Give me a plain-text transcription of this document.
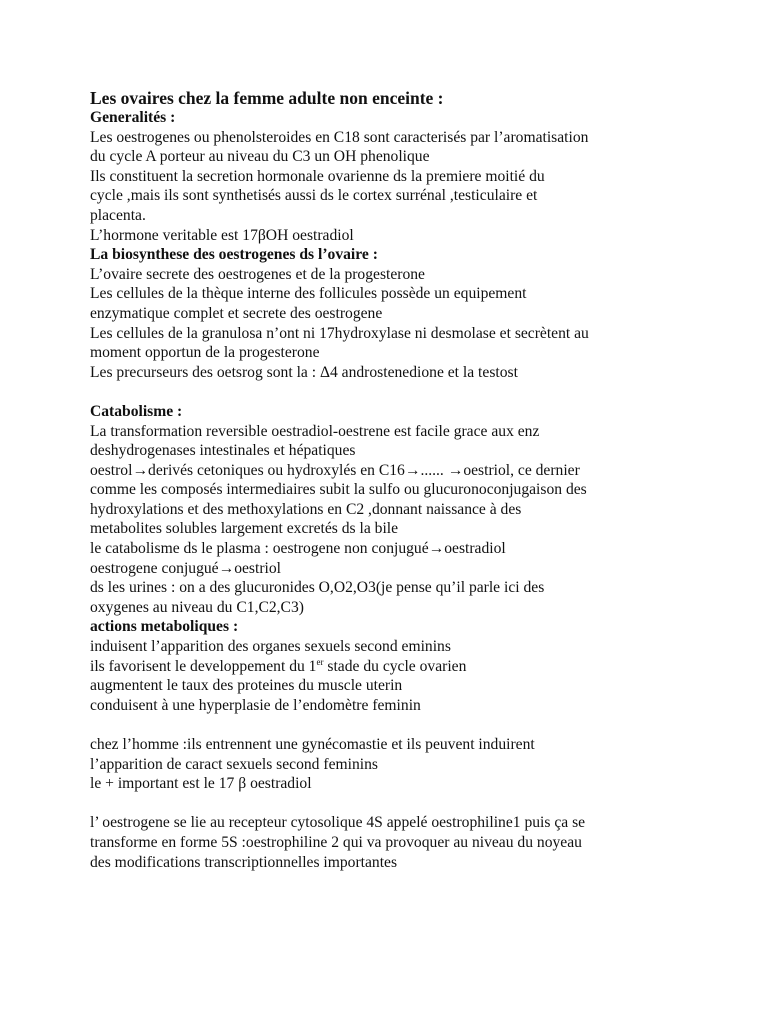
Les ovaires chez la femme adulte non enceinte :
Generalités :
Les oestrogenes ou phenolsteroides en C18 sont caracterisés par l’aromatisation
du cycle A porteur au niveau du C3 un OH phenolique
Ils constituent la secretion hormonale ovarienne ds la premiere moitié du
cycle ,mais ils sont synthetisés aussi ds le cortex surrénal ,testiculaire et
placenta.
L’hormone veritable est 17βOH oestradiol
La biosynthese des oestrogenes ds l’ovaire :
L’ovaire secrete des oestrogenes et de la progesterone
Les cellules de la thèque interne des follicules possède un equipement
enzymatique complet et secrete des oestrogene
Les cellules de la granulosa n’ont ni 17hydroxylase ni desmolase et secrètent au
moment opportun de la progesterone
Les precurseurs des oetsrog sont la : Δ4 androstenedione et la testost
Catabolisme :
La transformation reversible oestradiol-oestrene est facile grace aux enz
deshydrogenases intestinales et hépatiques
oestrol→derivés cetoniques ou hydroxylés en C16→...... →oestriol, ce dernier
comme les composés intermediaires subit la sulfo ou glucuronoconjugaison des
hydroxylations et des methoxylations en C2 ,donnant naissance à des
metabolites solubles largement excretés ds la bile
le catabolisme ds le plasma : oestrogene non conjugué→oestradiol
oestrogene conjugué→oestriol
ds les urines : on a des glucuronides O,O2,O3(je pense qu’il parle ici des
oxygenes au niveau du C1,C2,C3)
actions metaboliques :
induisent l’apparition des organes sexuels second eminins
ils favorisent le developpement du 1er stade du cycle ovarien
augmentent le taux des proteines du muscle uterin
conduisent à une hyperplasie de l’endomètre feminin
chez l’homme :ils entrennent une gynécomastie et ils peuvent induirent
l’apparition de caract sexuels second feminins
le + important est le 17 β oestradiol
l’ oestrogene se lie au recepteur cytosolique 4S appelé oestrophiline1 puis ça se
transforme en forme 5S :oestrophiline 2 qui va provoquer au niveau du noyeau
des modifications transcriptionnelles importantes
